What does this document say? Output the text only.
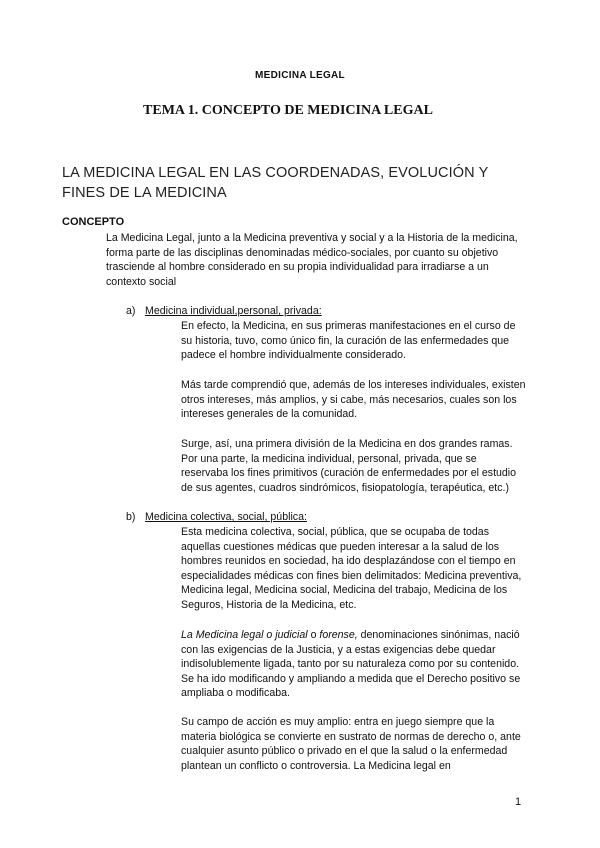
MEDICINA LEGAL
TEMA 1. CONCEPTO DE MEDICINA LEGAL
LA MEDICINA LEGAL EN LAS COORDENADAS, EVOLUCIÓN Y FINES DE LA MEDICINA
CONCEPTO
La Medicina Legal, junto a la Medicina preventiva y social y a la Historia de la medicina, forma parte de las disciplinas denominadas médico-sociales, por cuanto su objetivo trasciende al hombre considerado en su propia individualidad para irradiarse a un contexto social
a) Medicina individual,personal, privada:
En efecto, la Medicina, en sus primeras manifestaciones en el curso de su historia, tuvo, como único fin, la curación de las enfermedades que padece el hombre individualmente considerado.
Más tarde comprendió que, además de los intereses individuales, existen otros intereses, más amplios, y si cabe, más necesarios, cuales son los intereses generales de la comunidad.
Surge, así, una primera división de la Medicina en dos grandes ramas. Por una parte, la medicina individual, personal, privada, que se reservaba los fines primitivos (curación de enfermedades por el estudio de sus agentes, cuadros sindrómicos, fisiopatología, terapéutica, etc.)
b) Medicina colectiva, social, pública:
Esta medicina colectiva, social, pública, que se ocupaba de todas aquellas cuestiones médicas que pueden interesar a la salud de los hombres reunidos en sociedad, ha ido desplazándose con el tiempo en especialidades médicas con fines bien delimitados: Medicina preventiva, Medicina legal, Medicina social, Medicina del trabajo, Medicina de los Seguros, Historia de la Medicina, etc.
La Medicina legal o judicial o forense, denominaciones sinónimas, nació con las exigencias de la Justicia, y a estas exigencias debe quedar indisolublemente ligada, tanto por su naturaleza como por su contenido. Se ha ido modificando y ampliando a medida que el Derecho positivo se ampliaba o modificaba.
Su campo de acción es muy amplio: entra en juego siempre que la materia biológica se convierte en sustrato de normas de derecho o, ante cualquier asunto público o privado en el que la salud o la enfermedad plantean un conflicto o controversia. La Medicina legal en
1
